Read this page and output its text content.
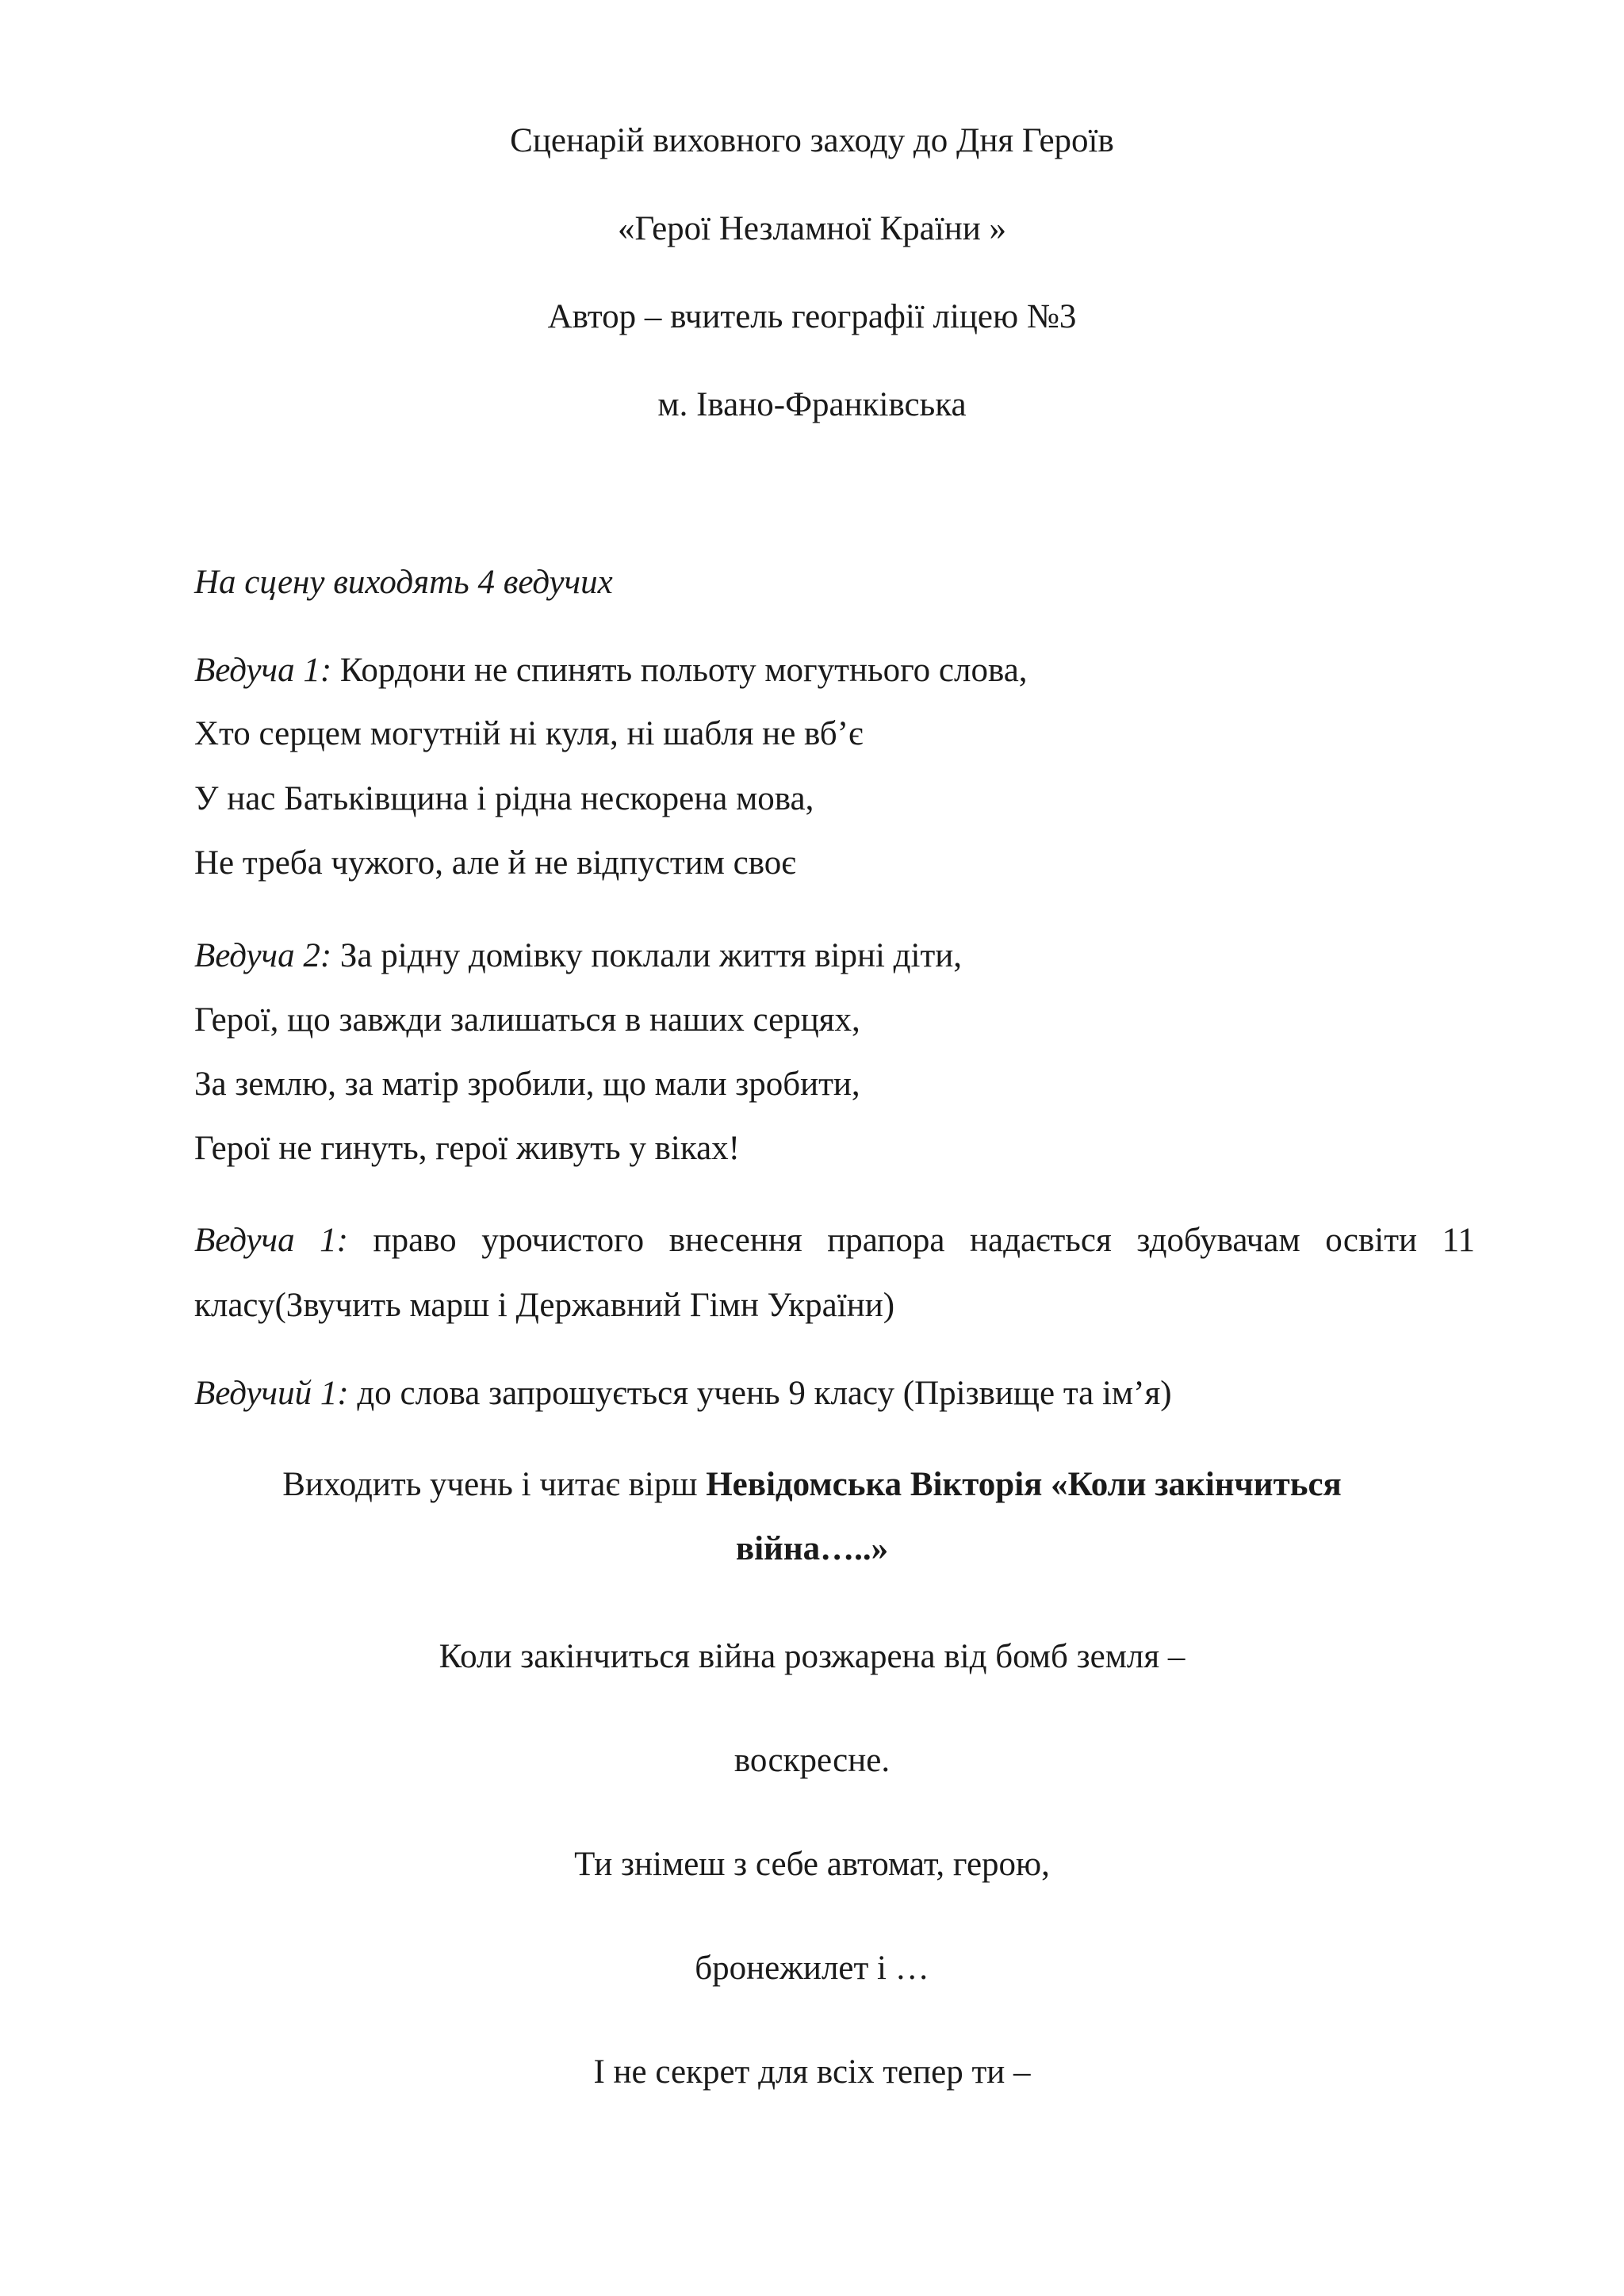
Сценарій виховного заходу до Дня Героїв
«Герої Незламної Країни »
Автор – вчитель географії ліцею №3
м. Івано-Франківська
На сцену виходять 4 ведучих
Ведуча 1: Кордони не спинять польоту могутнього слова,
Хто серцем могутній ні куля, ні шабля не вб’є
У нас Батьківщина і рідна нескорена мова,
Не треба чужого, але й не відпустим своє
Ведуча 2: За рідну домівку поклали життя вірні діти,
Герої, що завжди залишаться в наших серцях,
За землю, за матір зробили, що мали зробити,
Герої не гинуть, герої живуть у віках!
Ведуча 1: право урочистого внесення прапора надається здобувачам освіти 11
класу(Звучить марш і Державний Гімн України)
Ведучий 1: до слова запрошується учень 9 класу (Прізвище та ім’я)
Виходить учень і читає вірш Невідомська Вікторія «Коли закінчиться
війна…..»
Коли закінчиться війна розжарена від бомб земля –
воскресне.
Ти знімеш з себе автомат, герою,
бронежилет і …
І не секрет для всіх тепер ти –
